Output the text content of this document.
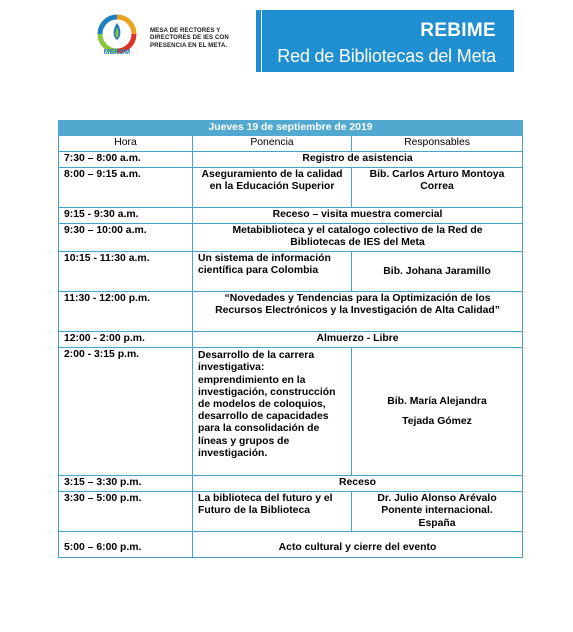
MERUM
MESA DE RECTORES Y
DIRECTORES DE IES CON
PRESENCIA EN EL META.
REBIME
Red de Bibliotecas del Meta
Jueves 19 de septiembre de 2019		
Hora	Ponencia	Responsables
7:30 – 8:00 a.m.	Registro de asistencia	
8:00 – 9:15 a.m.	Aseguramiento de la calidad en la Educación Superior	Bib. Carlos Arturo Montoya Correa
9:15 - 9:30 a.m.	Receso – visita muestra comercial	
9:30 – 10:00 a.m.	Metabiblioteca y el catalogo colectivo de la Red de Bibliotecas de IES del Meta	
10:15 - 11:30 a.m.	Un sistema de información científica para Colombia	Bib. Johana Jaramillo
11:30 - 12:00 p.m.	“Novedades y Tendencias para la Optimización de los Recursos Electrónicos y la Investigación de Alta Calidad”	
12:00 - 2:00 p.m.	Almuerzo - Libre	
2:00 - 3:15 p.m.	Desarrollo de la carrera investigativa: emprendimiento en la investigación, construcción de modelos de coloquios, desarrollo de capacidades para la consolidación de líneas y grupos de investigación.	Bib. María Alejandra
Tejada Gómez

3:15 – 3:30 p.m.	Receso	
3:30 – 5:00 p.m.	La biblioteca del futuro y el Futuro de la Biblioteca	Dr. Julio Alonso Arévalo
Ponente internacional.
España

5:00 – 6:00 p.m.	Acto cultural y cierre del evento	
